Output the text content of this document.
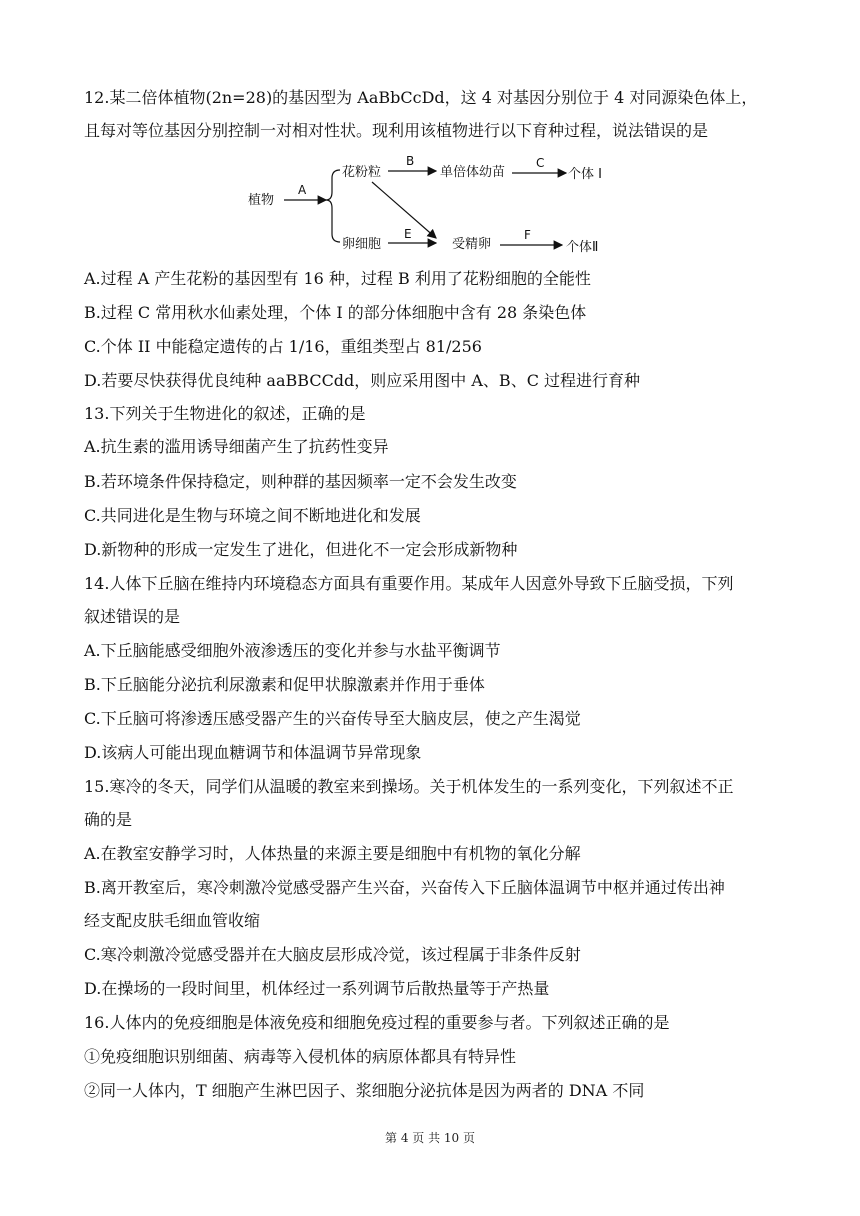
12.某二倍体植物(2n=28)的基因型为 AaBbCcDd，这 4 对基因分别位于 4 对同源染色体上，
且每对等位基因分别控制一对相对性状。现利用该植物进行以下育种过程，说法错误的是
植物
A
花粉粒
B
单倍体幼苗
C
个体 I
卵细胞
E
受精卵
F
个体Ⅱ
A.过程 A 产生花粉的基因型有 16 种，过程 B 利用了花粉细胞的全能性
B.过程 C 常用秋水仙素处理，个体 I 的部分体细胞中含有 28 条染色体
C.个体 II 中能稳定遗传的占 1/16，重组类型占 81/256
D.若要尽快获得优良纯种 aaBBCCdd，则应采用图中 A、B、C 过程进行育种
13.下列关于生物进化的叙述，正确的是
A.抗生素的滥用诱导细菌产生了抗药性变异
B.若环境条件保持稳定，则种群的基因频率一定不会发生改变
C.共同进化是生物与环境之间不断地进化和发展
D.新物种的形成一定发生了进化，但进化不一定会形成新物种
14.人体下丘脑在维持内环境稳态方面具有重要作用。某成年人因意外导致下丘脑受损，下列
叙述错误的是
A.下丘脑能感受细胞外液渗透压的变化并参与水盐平衡调节
B.下丘脑能分泌抗利尿激素和促甲状腺激素并作用于垂体
C.下丘脑可将渗透压感受器产生的兴奋传导至大脑皮层，使之产生渴觉
D.该病人可能出现血糖调节和体温调节异常现象
15.寒冷的冬天，同学们从温暖的教室来到操场。关于机体发生的一系列变化，下列叙述不正
确的是
A.在教室安静学习时，人体热量的来源主要是细胞中有机物的氧化分解
B.离开教室后，寒冷刺激冷觉感受器产生兴奋，兴奋传入下丘脑体温调节中枢并通过传出神
经支配皮肤毛细血管收缩
C.寒冷刺激冷觉感受器并在大脑皮层形成冷觉，该过程属于非条件反射
D.在操场的一段时间里，机体经过一系列调节后散热量等于产热量
16.人体内的免疫细胞是体液免疫和细胞免疫过程的重要参与者。下列叙述正确的是
①免疫细胞识别细菌、病毒等入侵机体的病原体都具有特异性
②同一人体内，T 细胞产生淋巴因子、浆细胞分泌抗体是因为两者的 DNA 不同
第 4 页 共 10 页
